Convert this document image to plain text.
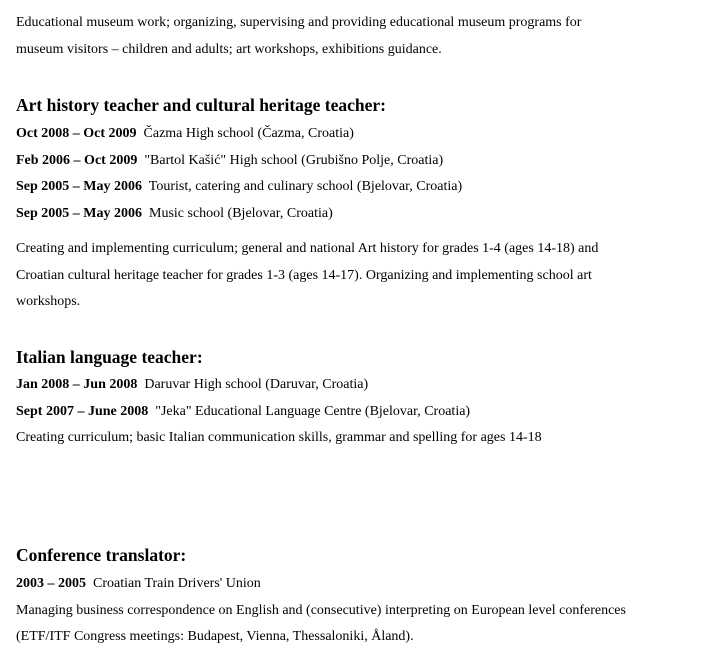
Educational museum work; organizing, supervising and providing educational museum programs for

museum visitors – children and adults; art workshops, exhibitions guidance.

Art history teacher and cultural heritage teacher:

Oct 2008 – Oct 2009 Čazma High school (Čazma, Croatia)

Feb 2006 – Oct 2009 "Bartol Kašić" High school (Grubišno Polje, Croatia)

Sep 2005 – May 2006 Tourist, catering and culinary school (Bjelovar, Croatia)

Sep 2005 – May 2006 Music school (Bjelovar, Croatia)

Creating and implementing curriculum; general and national Art history for grades 1-4 (ages 14-18) and

Croatian cultural heritage teacher for grades 1-3 (ages 14-17). Organizing and implementing school art

workshops.

Italian language teacher:

Jan 2008 – Jun 2008 Daruvar High school (Daruvar, Croatia)

Sept 2007 – June 2008 "Jeka" Educational Language Centre (Bjelovar, Croatia)

Creating curriculum; basic Italian communication skills, grammar and spelling for ages 14-18

Conference translator:

2003 – 2005 Croatian Train Drivers' Union

Managing business correspondence on English and (consecutive) interpreting on European level conferences

(ETF/ITF Congress meetings: Budapest, Vienna, Thessaloniki, Åland).
